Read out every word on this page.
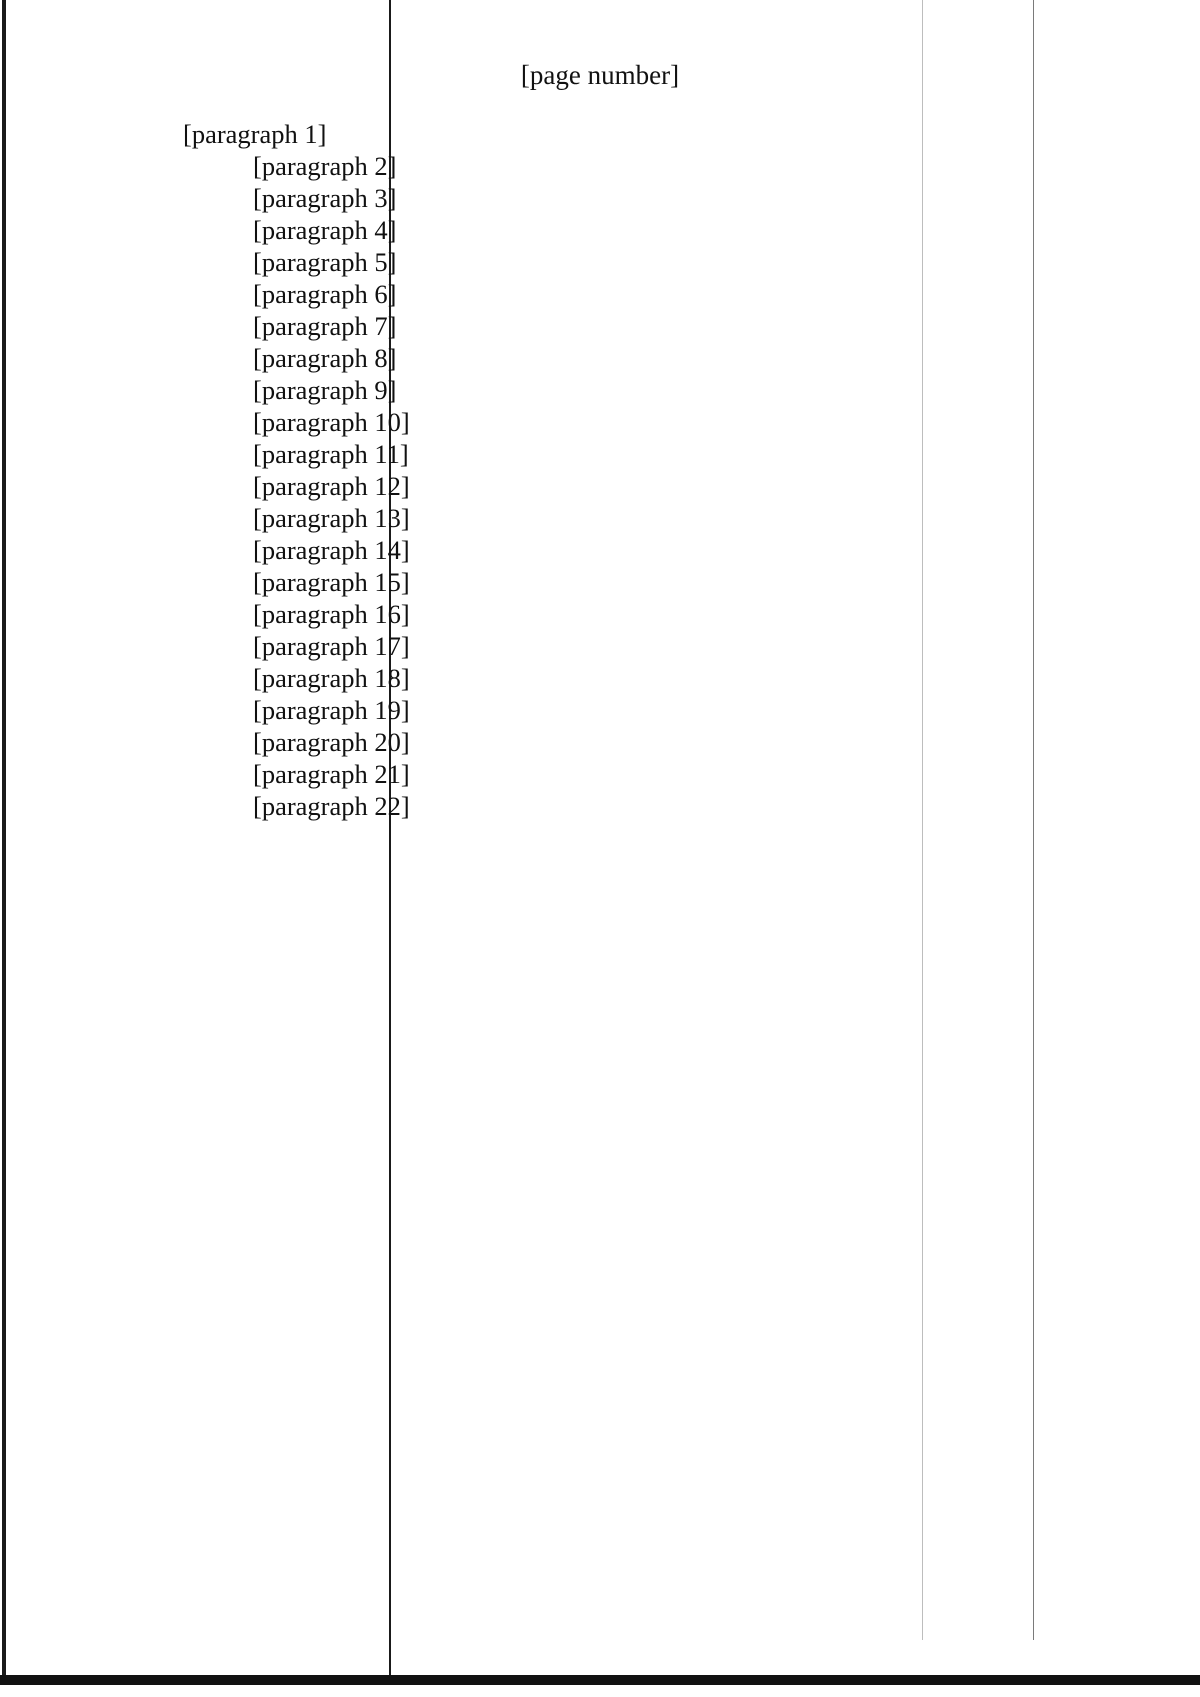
[page number]

[paragraph 1]

[paragraph 2]

[paragraph 3]

[paragraph 4]

[paragraph 5]

[paragraph 6]

[paragraph 7]

[paragraph 8]

[paragraph 9]

[paragraph 10]

[paragraph 11]

[paragraph 12]

[paragraph 13]

[paragraph 14]

[paragraph 15]

[paragraph 16]

[paragraph 17]

[paragraph 18]

[paragraph 19]

[paragraph 20]

[paragraph 21]

[paragraph 22]
